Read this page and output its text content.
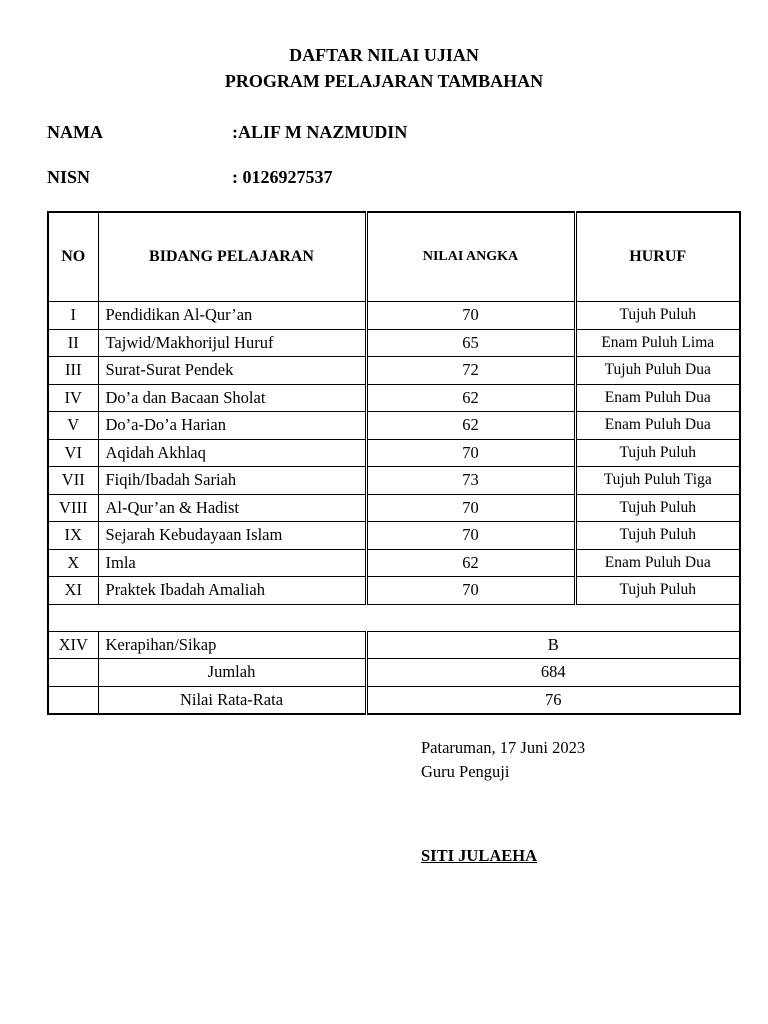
DAFTAR NILAI UJIAN
PROGRAM PELAJARAN TAMBAHAN
NAMA	:ALIF M NAZMUDIN
NISN	: 0126927537
NO	BIDANG PELAJARAN	NILAI ANGKA	HURUF
I	Pendidikan Al-Qur’an	70	Tujuh Puluh
II	Tajwid/Makhorijul Huruf	65	Enam Puluh Lima
III	Surat-Surat Pendek	72	Tujuh Puluh Dua
IV	Do’a dan Bacaan Sholat	62	Enam Puluh Dua
V	Do’a-Do’a Harian	62	Enam Puluh Dua
VI	Aqidah Akhlaq	70	Tujuh Puluh
VII	Fiqih/Ibadah Sariah	73	Tujuh Puluh Tiga
VIII	Al-Qur’an & Hadist	70	Tujuh Puluh
IX	Sejarah Kebudayaan Islam	70	Tujuh Puluh
X	Imla	62	Enam Puluh Dua
XI	Praktek Ibadah Amaliah	70	Tujuh Puluh

XIV	Kerapihan/Sikap	B	
	Jumlah	684	
	Nilai Rata-Rata	76	
Pataruman, 17 Juni 2023
Guru Penguji
SITI JULAEHA
